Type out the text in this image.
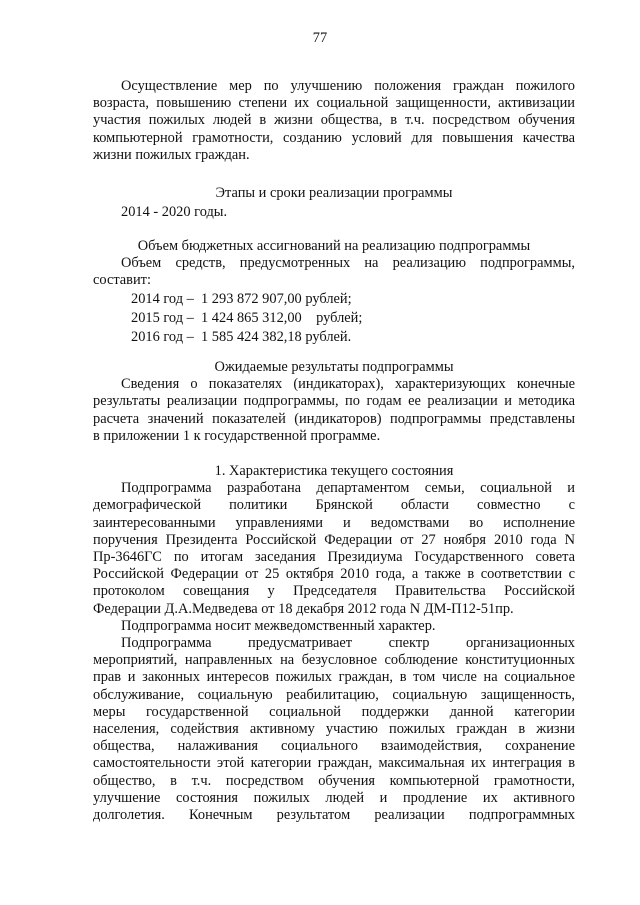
77

Осуществление мер по улучшению положения граждан пожилого

возраста, повышению степени их социальной защищенности, активизации

участия пожилых людей в жизни общества, в т.ч. посредством обучения

компьютерной грамотности, созданию условий для повышения качества

жизни пожилых граждан.

Этапы и сроки реализации программы

2014 - 2020 годы.

Объем бюджетных ассигнований на реализацию подпрограммы

Объем средств, предусмотренных на реализацию подпрограммы,

составит:

2014 год –  1 293 872 907,00 рублей;

2015 год –  1 424 865 312,00    рублей;

2016 год –  1 585 424 382,18 рублей.

Ожидаемые результаты подпрограммы

Сведения о показателях (индикаторах), характеризующих конечные

результаты реализации подпрограммы, по годам ее реализации и методика

расчета значений показателей (индикаторов) подпрограммы представлены

в приложении 1 к государственной программе.

1. Характеристика текущего состояния

Подпрограмма разработана департаментом семьи, социальной и

демографической политики Брянской области совместно с

заинтересованными управлениями и ведомствами во исполнение

поручения Президента Российской Федерации от 27 ноября 2010 года N

Пр-3646ГС по итогам заседания Президиума Государственного совета

Российской Федерации от 25 октября 2010 года, а также в соответствии с

протоколом совещания у Председателя Правительства Российской

Федерации Д.А.Медведева от 18 декабря 2012 года N ДМ-П12-51пр.

Подпрограмма носит межведомственный характер.

Подпрограмма предусматривает спектр организационных

мероприятий, направленных на безусловное соблюдение конституционных

прав и законных интересов пожилых граждан, в том числе на социальное

обслуживание, социальную реабилитацию, социальную защищенность,

меры государственной социальной поддержки данной категории

населения, содействия активному участию пожилых граждан в жизни

общества, налаживания социального взаимодействия, сохранение

самостоятельности этой категории граждан, максимальная их интеграция в

общество, в т.ч. посредством обучения компьютерной грамотности,

улучшение состояния пожилых людей и продление их активного

долголетия. Конечным результатом реализации подпрограммных
